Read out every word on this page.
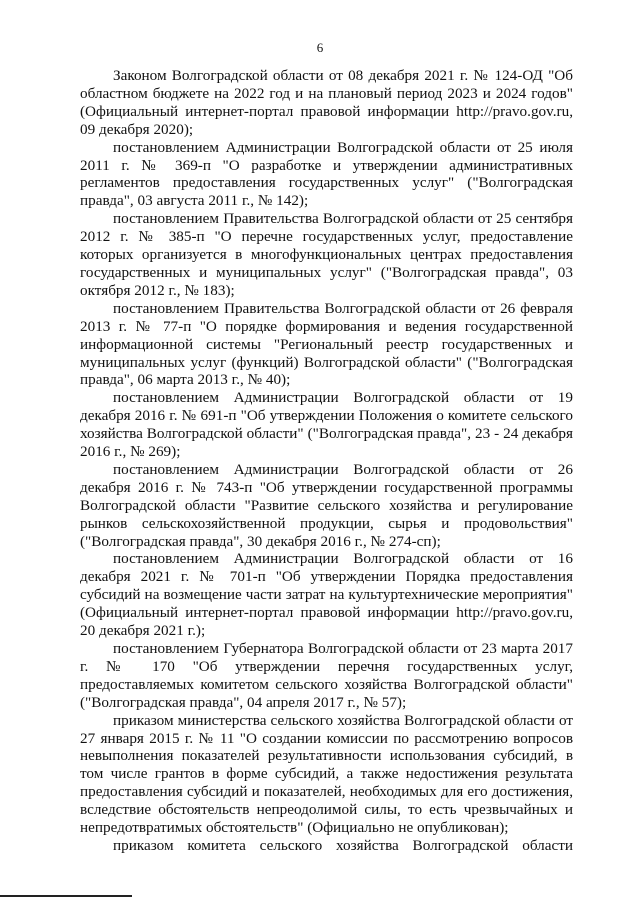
6

Законом Волгоградской области от 08 декабря 2021 г. № 124-ОД "Об областном бюджете на 2022 год и на плановый период 2023 и 2024 годов" (Официальный интернет-портал правовой информации http://pravo.gov.ru, 09 декабря 2020);

постановлением Администрации Волгоградской области от 25 июля 2011 г. № 369-п "О разработке и утверждении административных регламентов предоставления государственных услуг" ("Волгоградская правда", 03 августа 2011 г., № 142);

постановлением Правительства Волгоградской области от 25 сентября 2012 г. № 385-п "О перечне государственных услуг, предоставление которых организуется в многофункциональных центрах предоставления государственных и муниципальных услуг" ("Волгоградская правда", 03 октября 2012 г., № 183);

постановлением Правительства Волгоградской области от 26 февраля 2013 г. № 77-п "О порядке формирования и ведения государственной информационной системы "Региональный реестр государственных и муниципальных услуг (функций) Волгоградской области" ("Волгоградская правда", 06 марта 2013 г., № 40);

постановлением Администрации Волгоградской области от 19 декабря 2016 г. № 691-п "Об утверждении Положения о комитете сельского хозяйства Волгоградской области" ("Волгоградская правда", 23 - 24 декабря 2016 г., № 269);

постановлением Администрации Волгоградской области от 26 декабря 2016 г. № 743-п "Об утверждении государственной программы Волгоградской области "Развитие сельского хозяйства и регулирование рынков сельскохозяйственной продукции, сырья и продовольствия" ("Волгоградская правда", 30 декабря 2016 г., № 274-сп);

постановлением Администрации Волгоградской области от 16 декабря 2021 г. № 701-п "Об утверждении Порядка предоставления субсидий на возмещение части затрат на культуртехнические мероприятия" (Официальный интернет-портал правовой информации http://pravo.gov.ru, 20 декабря 2021 г.);

постановлением Губернатора Волгоградской области от 23 марта 2017 г. № 170 "Об утверждении перечня государственных услуг, предоставляемых комитетом сельского хозяйства Волгоградской области" ("Волгоградская правда", 04 апреля 2017 г., № 57);

приказом министерства сельского хозяйства Волгоградской области от 27 января 2015 г. № 11 "О создании комиссии по рассмотрению вопросов невыполнения показателей результативности использования субсидий, в том числе грантов в форме субсидий, а также недостижения результата предоставления субсидий и показателей, необходимых для его достижения, вследствие обстоятельств непреодолимой силы, то есть чрезвычайных и непредотвратимых обстоятельств" (Официально не опубликован);

приказом комитета сельского хозяйства Волгоградской области
